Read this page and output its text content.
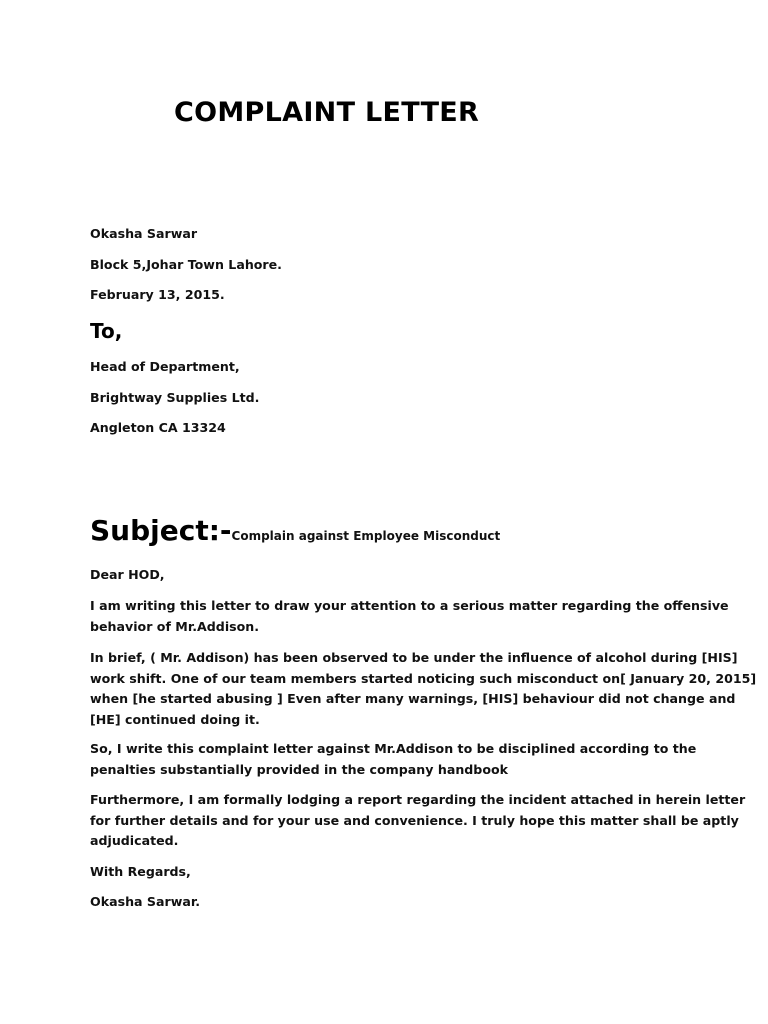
COMPLAINT LETTER

Okasha Sarwar

Block 5,Johar Town Lahore.

February 13, 2015.

To,

Head of Department,

Brightway Supplies Ltd.

Angleton CA 13324

Subject:-Complain against Employee Misconduct

Dear HOD,

I am writing this letter to draw your attention to a serious matter regarding the offensive
behavior of Mr.Addison.
In brief, ( Mr. Addison) has been observed to be under the influence of alcohol during [HIS]
work shift. One of our team members started noticing such misconduct on[ January 20, 2015]
when [he started abusing ] Even after many warnings, [HIS] behaviour did not change and
[HE] continued doing it.
So, I write this complaint letter against Mr.Addison to be disciplined according to the
penalties substantially provided in the company handbook
Furthermore, I am formally lodging a report regarding the incident attached in herein letter
for further details and for your use and convenience. I truly hope this matter shall be aptly
adjudicated.

With Regards,

Okasha Sarwar.
